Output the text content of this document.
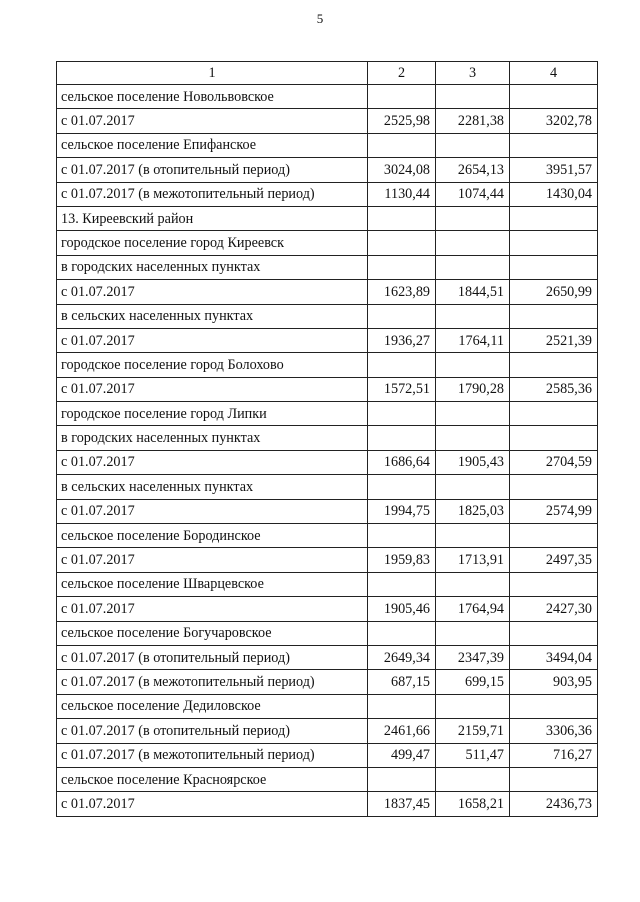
5
1	2	3	4
сельское поселение Новольвовское			
с 01.07.2017	2525,98	2281,38	3202,78
сельское поселение Епифанское			
с 01.07.2017 (в отопительный период)	3024,08	2654,13	3951,57
с 01.07.2017 (в межотопительный период)	1130,44	1074,44	1430,04
13. Киреевский район			
городское поселение город Киреевск			
в городских населенных пунктах			
с 01.07.2017	1623,89	1844,51	2650,99
в сельских населенных пунктах			
с 01.07.2017	1936,27	1764,11	2521,39
городское поселение город Болохово			
с 01.07.2017	1572,51	1790,28	2585,36
городское поселение город Липки			
в городских населенных пунктах			
с 01.07.2017	1686,64	1905,43	2704,59
в сельских населенных пунктах			
с 01.07.2017	1994,75	1825,03	2574,99
сельское поселение Бородинское			
с 01.07.2017	1959,83	1713,91	2497,35
сельское поселение Шварцевское			
с 01.07.2017	1905,46	1764,94	2427,30
сельское поселение Богучаровское			
с 01.07.2017 (в отопительный период)	2649,34	2347,39	3494,04
с 01.07.2017 (в межотопительный период)	687,15	699,15	903,95
сельское поселение Дедиловское			
с 01.07.2017 (в отопительный период)	2461,66	2159,71	3306,36
с 01.07.2017 (в межотопительный период)	499,47	511,47	716,27
сельское поселение Красноярское			
с 01.07.2017	1837,45	1658,21	2436,73
